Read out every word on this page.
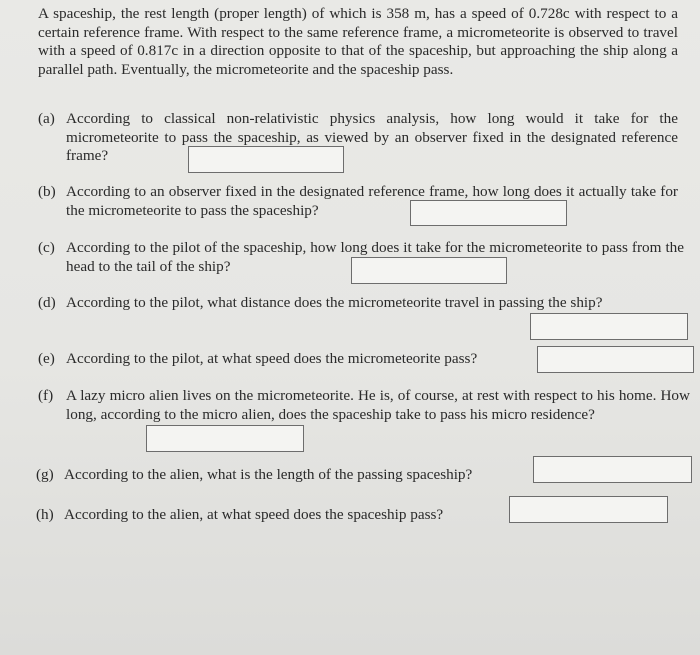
A spaceship, the rest length (proper length) of which is 358 m, has a speed of 0.728c with respect to a certain reference frame. With respect to the same reference frame, a micrometeorite is observed to travel with a speed of 0.817c in a direction opposite to that of the spaceship, but approaching the ship along a parallel path. Eventually, the micrometeorite and the spaceship pass.

(a) According to classical non-relativistic physics analysis, how long would it take for the micrometeorite to pass the spaceship, as viewed by an observer fixed in the designated reference frame?
(b) According to an observer fixed in the designated reference frame, how long does it actually take for the micrometeorite to pass the spaceship?
(c) According to the pilot of the spaceship, how long does it take for the micrometeorite to pass from the head to the tail of the ship?
(d) According to the pilot, what distance does the micrometeorite travel in passing the ship?
(e) According to the pilot, at what speed does the micrometeorite pass?
(f) A lazy micro alien lives on the micrometeorite. He is, of course, at rest with respect to his home. How long, according to the micro alien, does the spaceship take to pass his micro residence?
(g) According to the alien, what is the length of the passing spaceship?
(h) According to the alien, at what speed does the spaceship pass?
